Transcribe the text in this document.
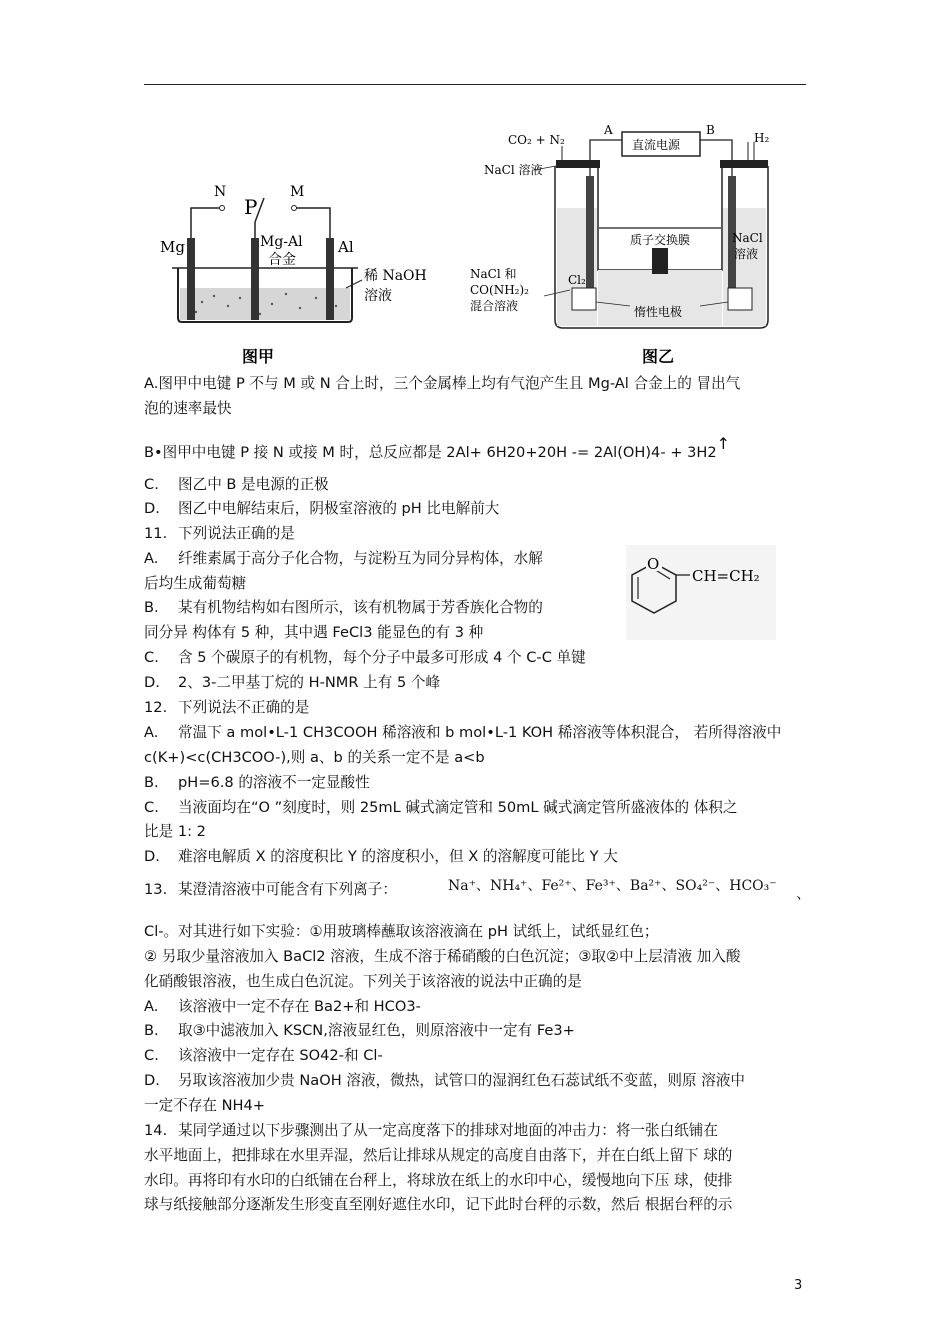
N
P
M
Mg	Mg-Al
合金
Al
稀 NaOH
溶液
图甲
CO₂ + N₂
A
直流电源
B
H₂
NaCl 溶液
质子交换膜	NaCl
溶液
NaCl 和
CO(NH₂)₂
混合溶液
Cl₂
惰性电极
图乙
O
CH=CH₂
A.图甲中电键 P 不与 M 或 N 合上时，三个金属棒上均有气泡产生且 Mg-Al 合金上的 冒出气
泡的速率最快
B•图甲中电键 P 接 N 或接 M 时，总反应都是 2Al+ 6H20+20H -= 2Al(OH)4- + 3H2↑
C. 图乙中 B 是电源的正极
D. 图乙中电解结束后，阴极室溶液的 pH 比电解前大
11. 下列说法正确的是
A. 纤维素属于高分子化合物，与淀粉互为同分异构体，水解
后均生成葡萄糖
B. 某有机物结构如右图所示，该有机物属于芳香族化合物的
同分异 构体有 5 种，其中遇 FeCl3 能显色的有 3 种
C. 含 5 个碳原子的有机物，每个分子中最多可形成 4 个 C-C 单键
D. 2、3-二甲基丁烷的 H-NMR 上有 5 个峰
12. 下列说法不正确的是
A. 常温下 a mol•L-1 CH3COOH 稀溶液和 b mol•L-1 KOH 稀溶液等体积混合， 若所得溶液中
c(K+)<c(CH3COO-),则 a、b 的关系一定不是 a<b
B. pH=6.8 的溶液不一定显酸性
C. 当液面均在“O ”刻度时，则 25mL 碱式滴定管和 50mL 碱式滴定管所盛液体的 体积之
比是 1: 2
D. 难溶电解质 X 的溶度积比 Y 的溶度积小，但 X 的溶解度可能比 Y 大
13. 某澄清溶液中可能含有下列离子：	Na⁺、NH₄⁺、Fe²⁺、Fe³⁺、Ba²⁺、SO₄²⁻、HCO₃⁻ 、
Cl-。对其进行如下实验：①用玻璃棒蘸取该溶液滴在 pH 试纸上，试纸显红色；
② 另取少量溶液加入 BaCl2 溶液，生成不溶于稀硝酸的白色沉淀；③取②中上层清液 加入酸
化硝酸银溶液，也生成白色沉淀。下列关于该溶液的说法中正确的是
A. 该溶液中一定不存在 Ba2+和 HCO3-
B. 取③中滤液加入 KSCN,溶液显红色，则原溶液中一定有 Fe3+
C. 该溶液中一定存在 SO42-和 Cl-
D. 另取该溶液加少贵 NaOH 溶液，微热，试管口的湿润红色石蕊试纸不变蓝，则原 溶液中
一定不存在 NH4+
14. 某同学通过以下步骤测出了从一定高度落下的排球对地面的冲击力：将一张白纸铺在
水平地面上，把排球在水里弄湿，然后让排球从规定的高度自由落下，并在白纸上留下 球的
水印。再将印有水印的白纸铺在台秤上，将球放在纸上的水印中心，缓慢地向下压 球，使排
球与纸接触部分逐渐发生形变直至刚好遮住水印，记下此时台秤的示数，然后 根据台秤的示
3
